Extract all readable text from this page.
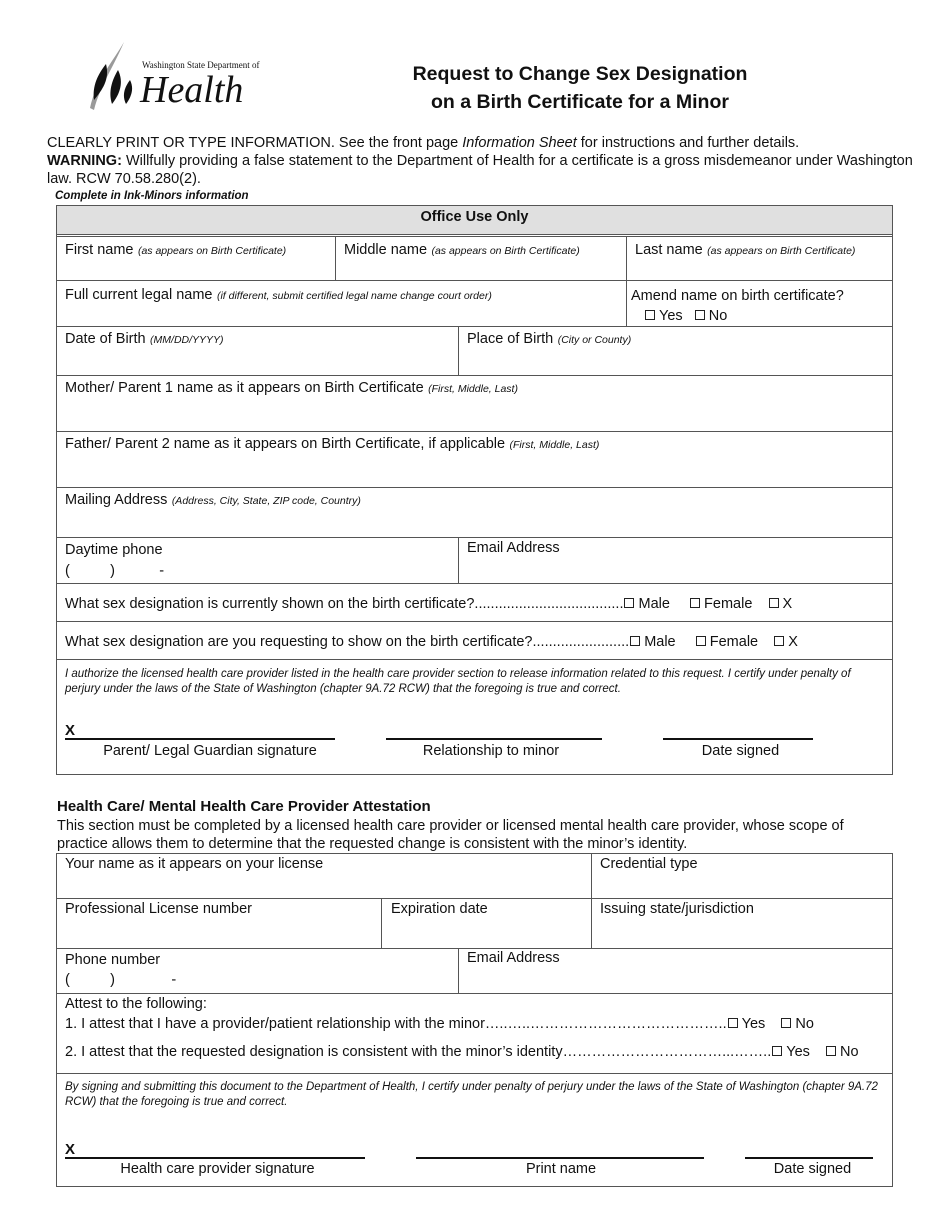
Washington State Department of
Health	Request to Change Sex Designation
on a Birth Certificate for a Minor
CLEARLY PRINT OR TYPE INFORMATION. See the front page Information Sheet for instructions and further details.
WARNING: Willfully providing a false statement to the Department of Health for a certificate is a gross misdemeanor under Washington law. RCW 70.58.280(2).
Complete in Ink-Minors information
Office Use Only
First name (as appears on Birth Certificate)	Middle name (as appears on Birth Certificate)	Last name (as appears on Birth Certificate)
Full current legal name (if different, submit certified legal name change court order)	Amend name on birth certificate?
Yes No
Date of Birth (MM/DD/YYYY)	Place of Birth (City or County)
Mother/ Parent 1 name as it appears on Birth Certificate (First, Middle, Last)
Father/ Parent 2 name as it appears on Birth Certificate, if applicable (First, Middle, Last)
Mailing Address (Address, City, State, ZIP code, Country)
Daytime phone
(          )           -
Email Address
What sex designation is currently shown on the birth certificate?..................................... Male Female X
What sex designation are you requesting to show on the birth certificate?........................ Male Female X
I authorize the licensed health care provider listed in the health care provider section to release information related to this request. I certify under penalty of perjury under the laws of the State of Washington (chapter 9A.72 RCW) that the foregoing is true and correct.
X
Parent/ Legal Guardian signature	Relationship to minor	Date signed
Health Care/ Mental Health Care Provider Attestation
This section must be completed by a licensed health care provider or licensed mental health care provider, whose scope of practice allows them to determine that the requested change is consistent with the minor’s identity.
Your name as it appears on your license	Credential type
Professional License number	Expiration date	Issuing state/jurisdiction
Phone number
(          )              -
Email Address
Attest to the following:
1. I attest that I have a provider/patient relationship with the minor…..…..………………………………….. Yes No
2. I attest that the requested designation is consistent with the minor’s identity……………………………...…….. Yes No
By signing and submitting this document to the Department of Health, I certify under penalty of perjury under the laws of the State of Washington (chapter 9A.72 RCW) that the foregoing is true and correct.
X
Health care provider signature	Print name	Date signed
